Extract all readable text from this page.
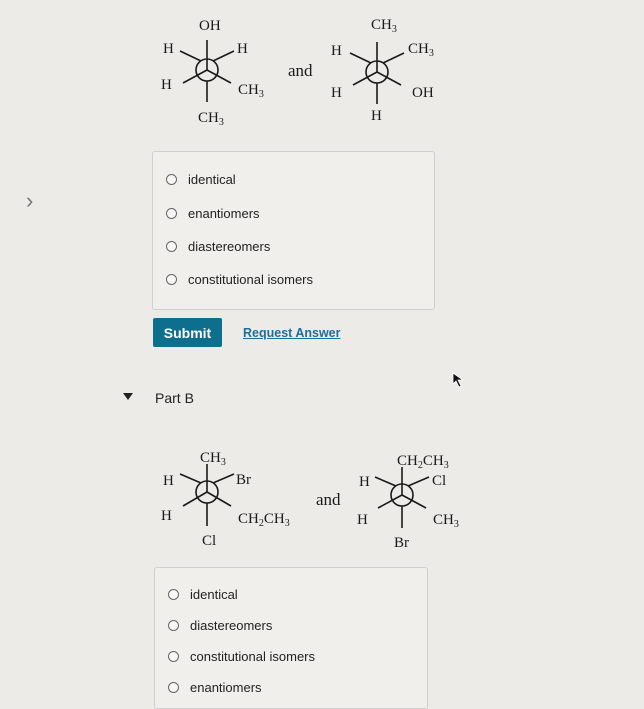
›
OH
H	H
H	$CH_3$
$CH_3$
and
$CH_3$
H	$CH_3$
H	OH
H
identical
enantiomers
diastereomers
constitutional isomers
Submit	Request Answer
Part B
$CH_3$
H	Br
H	$CH_2CH_3$
Cl
and
$CH_2CH_3$
H	Cl
H	$CH_3$
Br
identical
diastereomers
constitutional isomers
enantiomers
